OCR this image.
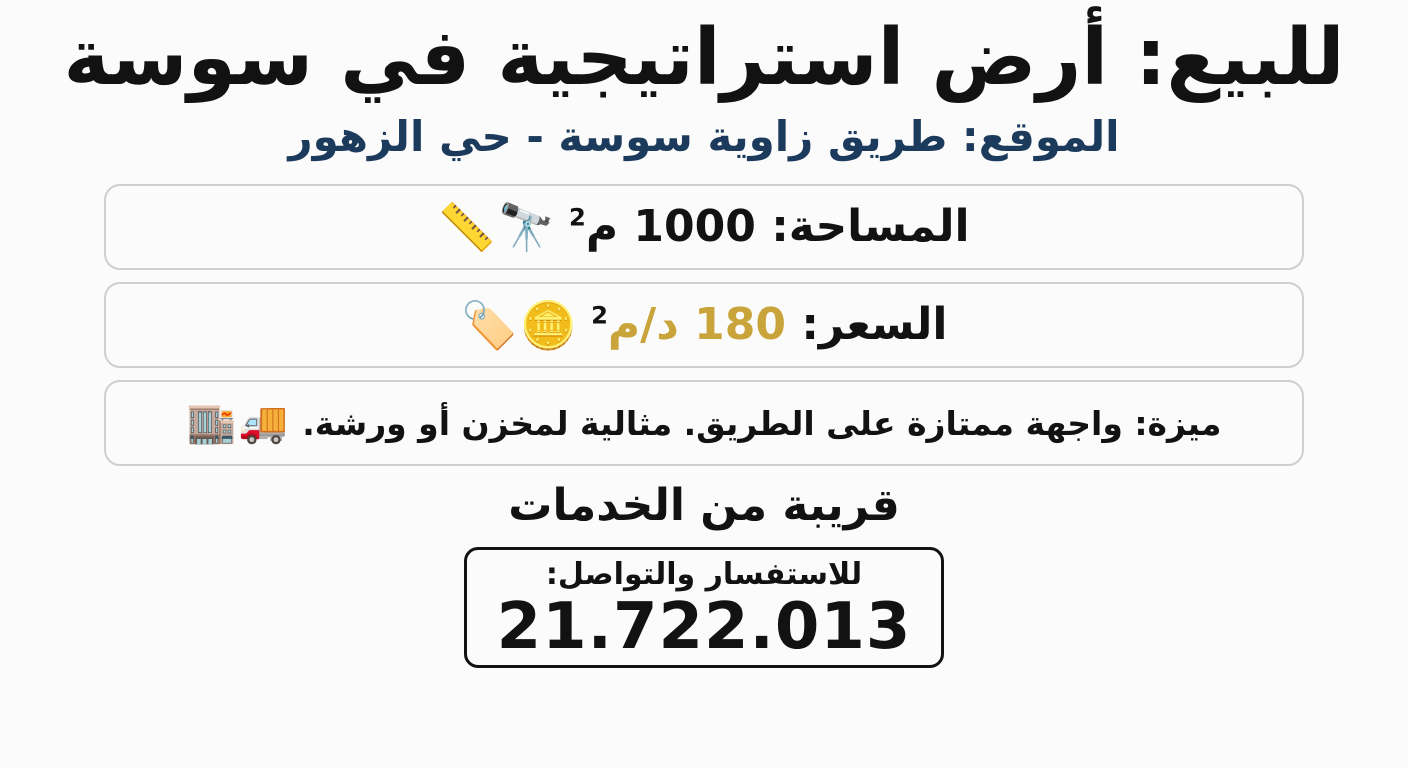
للبيع: أرض استراتيجية في سوسة
الموقع: طريق زاوية سوسة - حي الزهور
المساحة: 1000 م$^2$
🔭
📏
السعر: 180 د/م$^2$
🪙
🏷️
ميزة: واجهة ممتازة على الطريق. مثالية لمخزن أو ورشة.
🚚
🏬
قريبة من الخدمات
للاستفسار والتواصل:
21.722.013
